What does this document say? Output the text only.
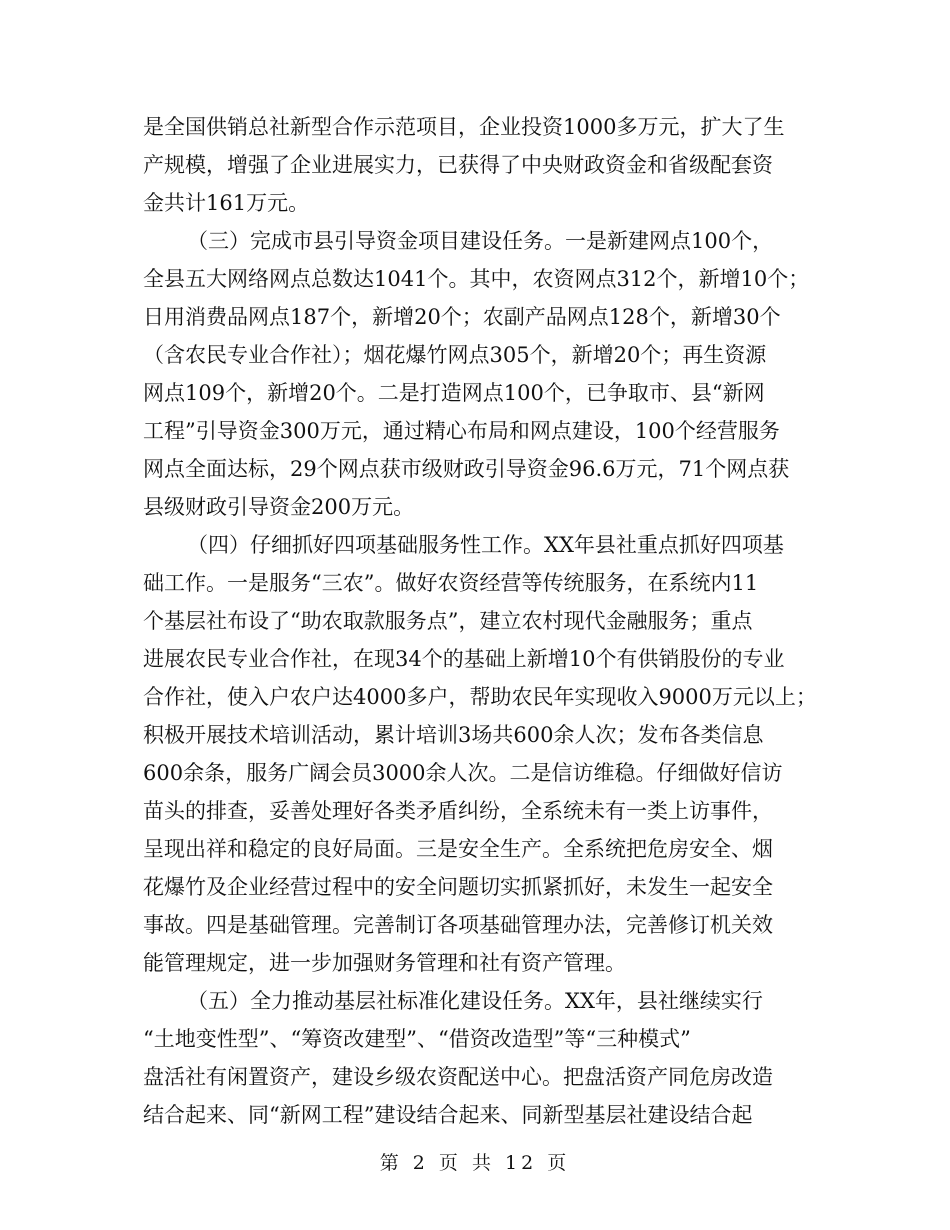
是全国供销总社新型合作示范项目，企业投资1000多万元，扩大了生
产规模，增强了企业进展实力，已获得了中央财政资金和省级配套资
金共计161万元。
（三）完成市县引导资金项目建设任务。一是新建网点100个，
全县五大网络网点总数达1041个。其中，农资网点312个，新增10个；
日用消费品网点187个，新增20个；农副产品网点128个，新增30个
（含农民专业合作社）；烟花爆竹网点305个，新增20个；再生资源
网点109个，新增20个。二是打造网点100个，已争取市、县“新网
工程”引导资金300万元，通过精心布局和网点建设，100个经营服务
网点全面达标，29个网点获市级财政引导资金96.6万元，71个网点获
县级财政引导资金200万元。
（四）仔细抓好四项基础服务性工作。XX年县社重点抓好四项基
础工作。一是服务“三农”。做好农资经营等传统服务，在系统内11
个基层社布设了“助农取款服务点”，建立农村现代金融服务；重点
进展农民专业合作社，在现34个的基础上新增10个有供销股份的专业
合作社，使入户农户达4000多户，帮助农民年实现收入9000万元以上；
积极开展技术培训活动，累计培训3场共600余人次；发布各类信息
600余条，服务广阔会员3000余人次。二是信访维稳。仔细做好信访
苗头的排查，妥善处理好各类矛盾纠纷，全系统未有一类上访事件，
呈现出祥和稳定的良好局面。三是安全生产。全系统把危房安全、烟
花爆竹及企业经营过程中的安全问题切实抓紧抓好，未发生一起安全
事故。四是基础管理。完善制订各项基础管理办法，完善修订机关效
能管理规定，进一步加强财务管理和社有资产管理。
（五）全力推动基层社标准化建设任务。XX年，县社继续实行
“土地变性型”、“筹资改建型”、“借资改造型”等“三种模式”
盘活社有闲置资产，建设乡级农资配送中心。把盘活资产同危房改造
结合起来、同“新网工程”建设结合起来、同新型基层社建设结合起
第 2 页 共 12 页
